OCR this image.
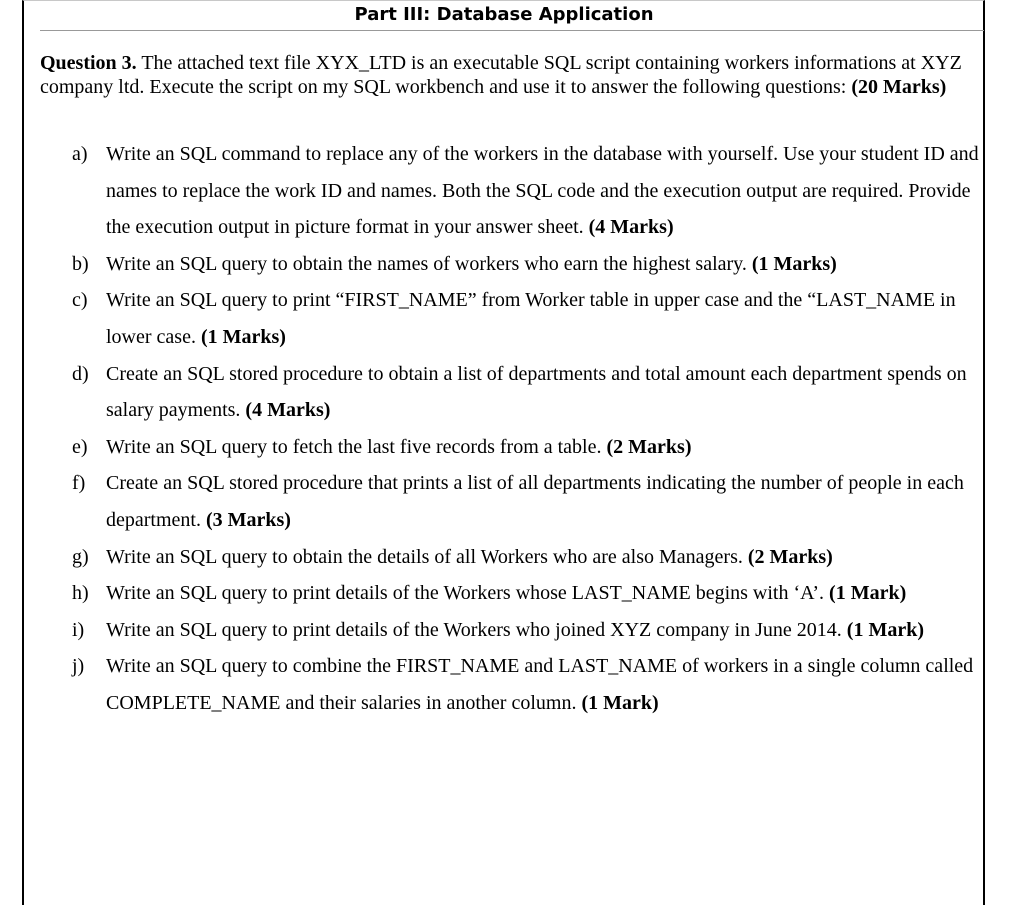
Part III: Database Application
Question 3. The attached text file XYX_LTD is an executable SQL script containing workers informations at XYZ company ltd. Execute the script on my SQL workbench and use it to answer the following questions: (20 Marks)
a) Write an SQL command to replace any of the workers in the database with yourself. Use your student ID and names to replace the work ID and names. Both the SQL code and the execution output are required. Provide the execution output in picture format in your answer sheet. (4 Marks)
b) Write an SQL query to obtain the names of workers who earn the highest salary. (1 Marks)
c) Write an SQL query to print “FIRST_NAME” from Worker table in upper case and the “LAST_NAME in lower case. (1 Marks)
d) Create an SQL stored procedure to obtain a list of departments and total amount each department spends on salary payments. (4 Marks)
e) Write an SQL query to fetch the last five records from a table. (2 Marks)
f) Create an SQL stored procedure that prints a list of all departments indicating the number of people in each department. (3 Marks)
g) Write an SQL query to obtain the details of all Workers who are also Managers. (2 Marks)
h) Write an SQL query to print details of the Workers whose LAST_NAME begins with ‘A’. (1 Mark)
i) Write an SQL query to print details of the Workers who joined XYZ company in June 2014. (1 Mark)
j) Write an SQL query to combine the FIRST_NAME and LAST_NAME of workers in a single column called COMPLETE_NAME and their salaries in another column. (1 Mark)
